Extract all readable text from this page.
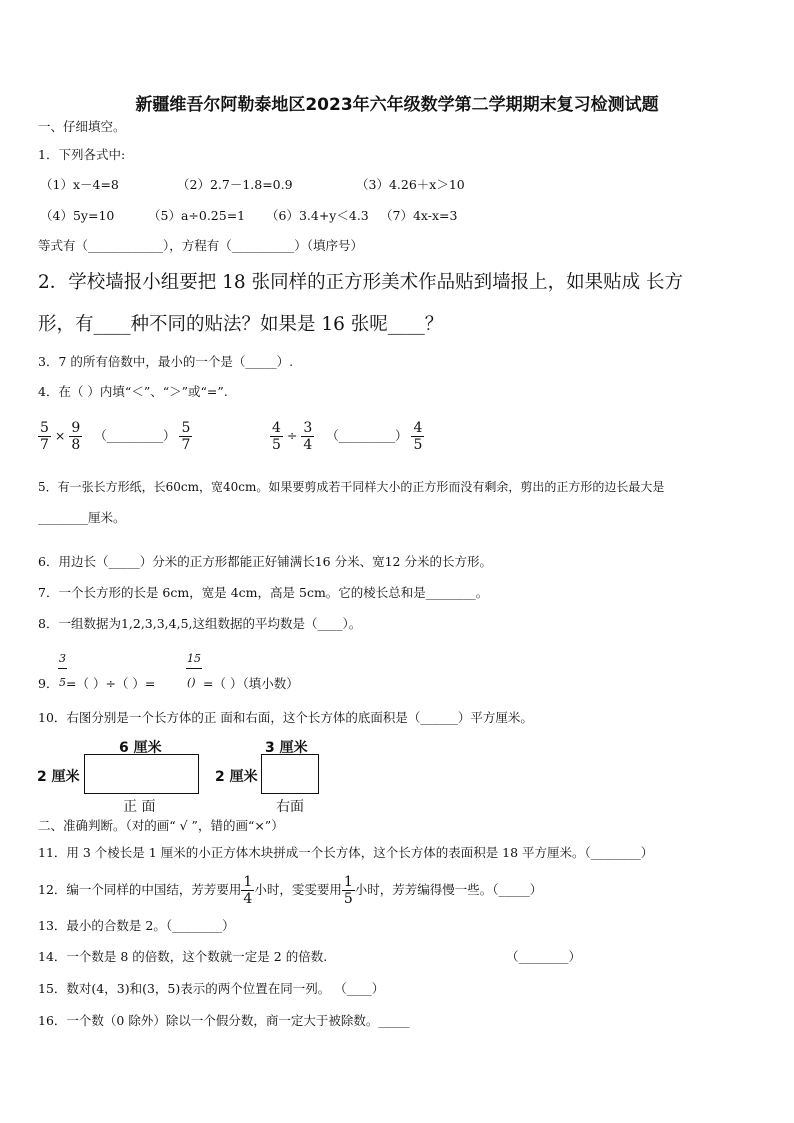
新疆维吾尔阿勒泰地区2023年六年级数学第二学期期末复习检测试题
一、仔细填空。
1．下列各式中:
（1）x－4=8	（2）2.7－1.8=0.9	（3）4.26＋x＞10
（4）5y=10	（5）a÷0.25=1 （6）3.4+y＜4.3 （7）4x-x=3
等式有（____________），方程有（__________）（填序号）
2．学校墙报小组要把 18 张同样的正方形美术作品贴到墙报上，如果贴成 长方
形，有____种不同的贴法？如果是 16 张呢____？
3．7 的所有倍数中，最小的一个是（_____）.
4．在（ ）内填“＜”、“＞”或“=”.
$\frac{5}{7} \times \frac{9}{8}$ （_________） $\frac{5}{7}$	$\frac{4}{5} \div \frac{3}{4}$ （_________） $\frac{4}{5}$
5．有一张长方形纸，长60cm，宽40cm。如果要剪成若干同样大小的正方形而没有剩余，剪出的正方形的边长最大是
________厘米。
6．用边长（_____）分米的正方形都能正好铺满长16 分米、宽12 分米的长方形。
7．一个长方形的长是 6cm，宽是 4cm，高是 5cm。它的棱长总和是________。
8．一组数据为1,2,3,3,4,5,这组数据的平均数是（____）。
9．
3
5 =（ ）÷（ ）=
15
() =（ ）（填小数）
10．右图分别是一个长方体的正 面和右面，这个长方体的底面积是（______）平方厘米。
6 厘米
2 厘米
正 面
3 厘米
2 厘米
右面
二、准确判断。（对的画“ √ ”，错的画“×”）
11．用 3 个棱长是 1 厘米的小正方体木块拼成一个长方体，这个长方体的表面积是 18 平方厘米。（________）
12．编一个同样的中国结，芳芳要用 $\frac{1}{4}$ 小时，雯雯要用 $\frac{1}{5}$ 小时，芳芳编得慢一些。（_____）
13．最小的合数是 2。（________）
14．一个数是 8 的倍数，这个数就一定是 2 的倍数.	（________）
15．数对(4，3)和(3，5)表示的两个位置在同一列。 （____）
16．一个数（0 除外）除以一个假分数，商一定大于被除数。_____
